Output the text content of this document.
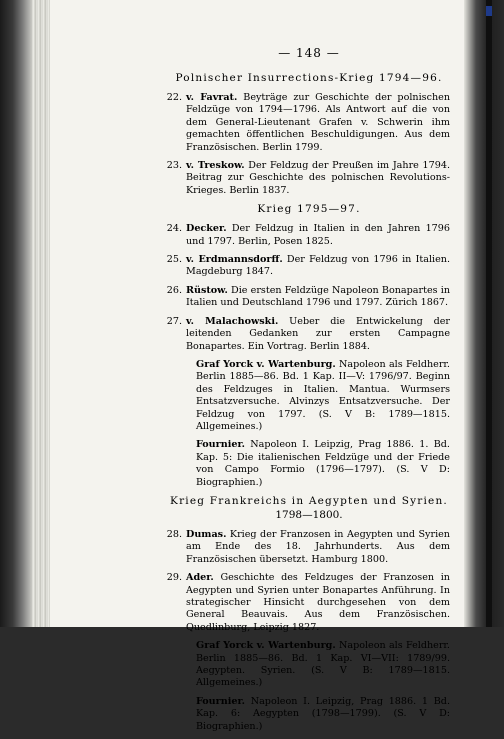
— 148 —
Polnischer Insurrections-Krieg 1794—96.
22. v. Favrat. Beyträge zur Geschichte der polnischen Feldzüge von 1794—1796. Als Antwort auf die von dem General-Lieutenant Grafen v. Schwerin ihm gemachten öffentlichen Beschuldigungen. Aus dem Französischen. Berlin 1799.
23. v. Treskow. Der Feldzug der Preußen im Jahre 1794. Beitrag zur Geschichte des polnischen Revolutions-Krieges. Berlin 1837.
Krieg 1795—97.
24. Decker. Der Feldzug in Italien in den Jahren 1796 und 1797. Berlin, Posen 1825.
25. v. Erdmannsdorff. Der Feldzug von 1796 in Italien. Magdeburg 1847.
26. Rüstow. Die ersten Feldzüge Napoleon Bonapartes in Italien und Deutschland 1796 und 1797. Zürich 1867.
27. v. Malachowski. Ueber die Entwickelung der leitenden Gedanken zur ersten Campagne Bonapartes. Ein Vortrag. Berlin 1884.
Graf Yorck v. Wartenburg. Napoleon als Feldherr. Berlin 1885—86. Bd. 1 Kap. II—V: 1796/97. Beginn des Feldzuges in Italien. Mantua. Wurmsers Entsatzversuche. Alvinzys Entsatzversuche. Der Feldzug von 1797. (S. V B: 1789—1815. Allgemeines.)
Fournier. Napoleon I. Leipzig, Prag 1886. 1. Bd. Kap. 5: Die italienischen Feldzüge und der Friede von Campo Formio (1796—1797). (S. V D: Biographien.)
Krieg Frankreichs in Aegypten und Syrien.
1798—1800.
28. Dumas. Krieg der Franzosen in Aegypten und Syrien am Ende des 18. Jahrhunderts. Aus dem Französischen übersetzt. Hamburg 1800.
29. Ader. Geschichte des Feldzuges der Franzosen in Aegypten und Syrien unter Bonapartes Anführung. In strategischer Hinsicht durchgesehen von dem General Beauvais. Aus dem Französischen. Quedlinburg, Leipzig 1827.
Graf Yorck v. Wartenburg. Napoleon als Feldherr. Berlin 1885—86. Bd. 1 Kap. VI—VII: 1789/99. Aegypten. Syrien. (S. V B: 1789—1815. Allgemeines.)
Fournier. Napoleon I. Leipzig, Prag 1886. 1 Bd. Kap. 6: Aegypten (1798—1799). (S. V D: Biographien.)
